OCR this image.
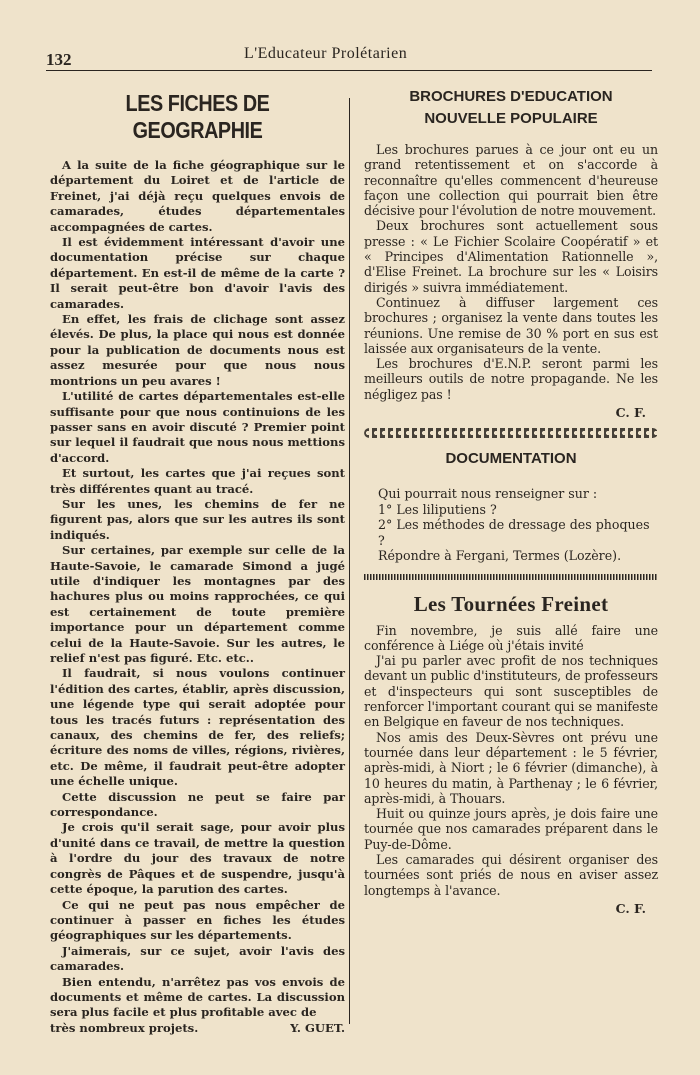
132	L'Educateur Prolétarien
LES FICHES DE GEOGRAPHIE

A la suite de la fiche géographique sur le département du Loiret et de l'article de Freinet, j'ai déjà reçu quelques envois de camarades, études départementales accompagnées de cartes.

Il est évidemment intéressant d'avoir une documentation précise sur chaque département. En est-il de même de la carte ? Il serait peut-être bon d'avoir l'avis des camarades.

En effet, les frais de clichage sont assez élevés. De plus, la place qui nous est donnée pour la publication de documents nous est assez mesurée pour que nous nous montrions un peu avares !

L'utilité de cartes départementales est-elle suffisante pour que nous continuions de les passer sans en avoir discuté ? Premier point sur lequel il faudrait que nous nous mettions d'accord.

Et surtout, les cartes que j'ai reçues sont très différentes quant au tracé.

Sur les unes, les chemins de fer ne figurent pas, alors que sur les autres ils sont indiqués.

Sur certaines, par exemple sur celle de la Haute-Savoie, le camarade Simond a jugé utile d'indiquer les montagnes par des hachures plus ou moins rapprochées, ce qui est certainement de toute première importance pour un département comme celui de la Haute-Savoie. Sur les autres, le relief n'est pas figuré. Etc. etc..

Il faudrait, si nous voulons continuer l'édition des cartes, établir, après discussion, une légende type qui serait adoptée pour tous les tracés futurs : représentation des canaux, des chemins de fer, des reliefs; écriture des noms de villes, régions, rivières, etc. De même, il faudrait peut-être adopter une échelle unique.

Cette discussion ne peut se faire par correspondance.

Je crois qu'il serait sage, pour avoir plus d'unité dans ce travail, de mettre la question à l'ordre du jour des travaux de notre congrès de Pâques et de suspendre, jusqu'à cette époque, la parution des cartes.

Ce qui ne peut pas nous empêcher de continuer à passer en fiches les études géographiques sur les départements.

J'aimerais, sur ce sujet, avoir l'avis des camarades.

Bien entendu, n'arrêtez pas vos envois de documents et même de cartes. La discussion sera plus facile et plus profitable avec de

très nombreux projets.	Y. GUET.
BROCHURES D'EDUCATION
NOUVELLE POPULAIRE

Les brochures parues à ce jour ont eu un grand retentissement et on s'accorde à reconnaître qu'elles commencent d'heureuse façon une collection qui pourrait bien être décisive pour l'évolution de notre mouvement.

Deux brochures sont actuellement sous presse : « Le Fichier Scolaire Coopératif » et « Principes d'Alimentation Rationnelle », d'Elise Freinet. La brochure sur les « Loisirs dirigés » suivra immédiatement.

Continuez à diffuser largement ces brochures ; organisez la vente dans toutes les réunions. Une remise de 30 % port en sus est laissée aux organisateurs de la vente.

Les brochures d'E.N.P. seront parmi les meilleurs outils de notre propagande. Ne les négligez pas !

C. F.
DOCUMENTATION

Qui pourrait nous renseigner sur :

1° Les liliputiens ?

2° Les méthodes de dressage des phoques ?

Répondre à Fergani, Termes (Lozère).

Les Tournées Freinet

Fin novembre, je suis allé faire une conférence à Liége où j'étais invité

J'ai pu parler avec profit de nos techniques devant un public d'instituteurs, de professeurs et d'inspecteurs qui sont susceptibles de renforcer l'important courant qui se manifeste en Belgique en faveur de nos techniques.

Nos amis des Deux-Sèvres ont prévu une tournée dans leur département : le 5 février, après-midi, à Niort ; le 6 février (dimanche), à 10 heures du matin, à Parthenay ; le 6 février, après-midi, à Thouars.

Huit ou quinze jours après, je dois faire une tournée que nos camarades préparent dans le Puy-de-Dôme.

Les camarades qui désirent organiser des tournées sont priés de nous en aviser assez longtemps à l'avance.

C. F.
